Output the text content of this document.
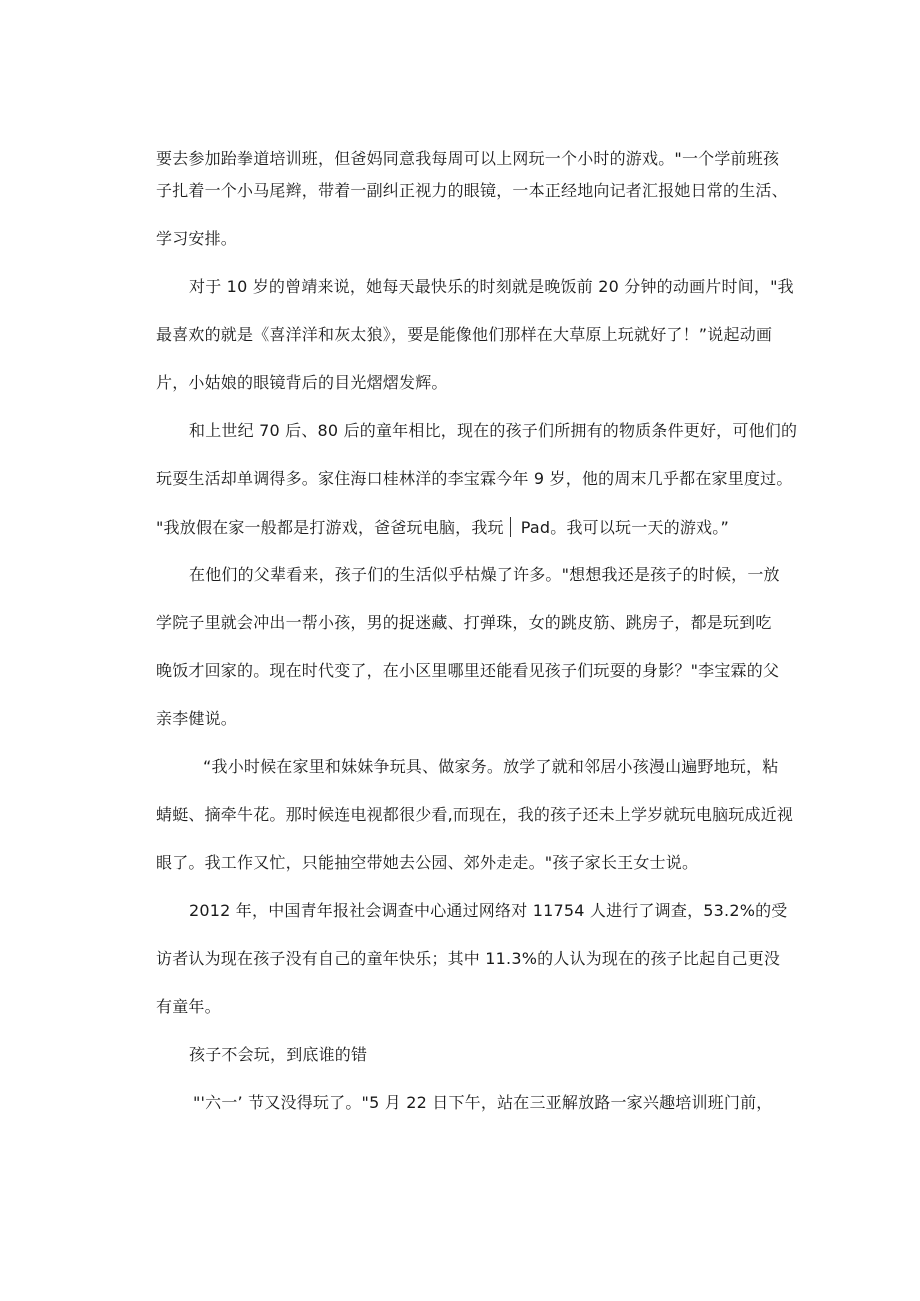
要去参加跆拳道培训班，但爸妈同意我每周可以上网玩一个小时的游戏。"一个学前班孩
子扎着一个小马尾辫，带着一副纠正视力的眼镜，一本正经地向记者汇报她日常的生活、
学习安排。
对于 10 岁的曾靖来说，她每天最快乐的时刻就是晚饭前 20 分钟的动画片时间，"我
最喜欢的就是《喜洋洋和灰太狼》，要是能像他们那样在大草原上玩就好了！”说起动画
片，小姑娘的眼镜背后的目光熠熠发辉。
和上世纪 70 后、80 后的童年相比，现在的孩子们所拥有的物质条件更好，可他们的
玩耍生活却单调得多。家住海口桂林洋的李宝霖今年 9 岁，他的周末几乎都在家里度过。
"我放假在家一般都是打游戏，爸爸玩电脑，我玩 Pad。我可以玩一天的游戏。”
在他们的父辈看来，孩子们的生活似乎枯燥了许多。"想想我还是孩子的时候，一放
学院子里就会冲出一帮小孩，男的捉迷藏、打弹珠，女的跳皮筋、跳房子，都是玩到吃
晚饭才回家的。现在时代变了，在小区里哪里还能看见孩子们玩耍的身影？"李宝霖的父
亲李健说。
“我小时候在家里和妹妹争玩具、做家务。放学了就和邻居小孩漫山遍野地玩，粘
蜻蜓、摘牵牛花。那时候连电视都很少看,而现在，我的孩子还未上学岁就玩电脑玩成近视
眼了。我工作又忙，只能抽空带她去公园、郊外走走。"孩子家长王女士说。
2012 年，中国青年报社会调查中心通过网络对 11754 人进行了调查，53.2%的受
访者认为现在孩子没有自己的童年快乐；其中 11.3%的人认为现在的孩子比起自己更没
有童年。
孩子不会玩，到底谁的错
"'六一’ 节又没得玩了。"5 月 22 日下午，站在三亚解放路一家兴趣培训班门前，
